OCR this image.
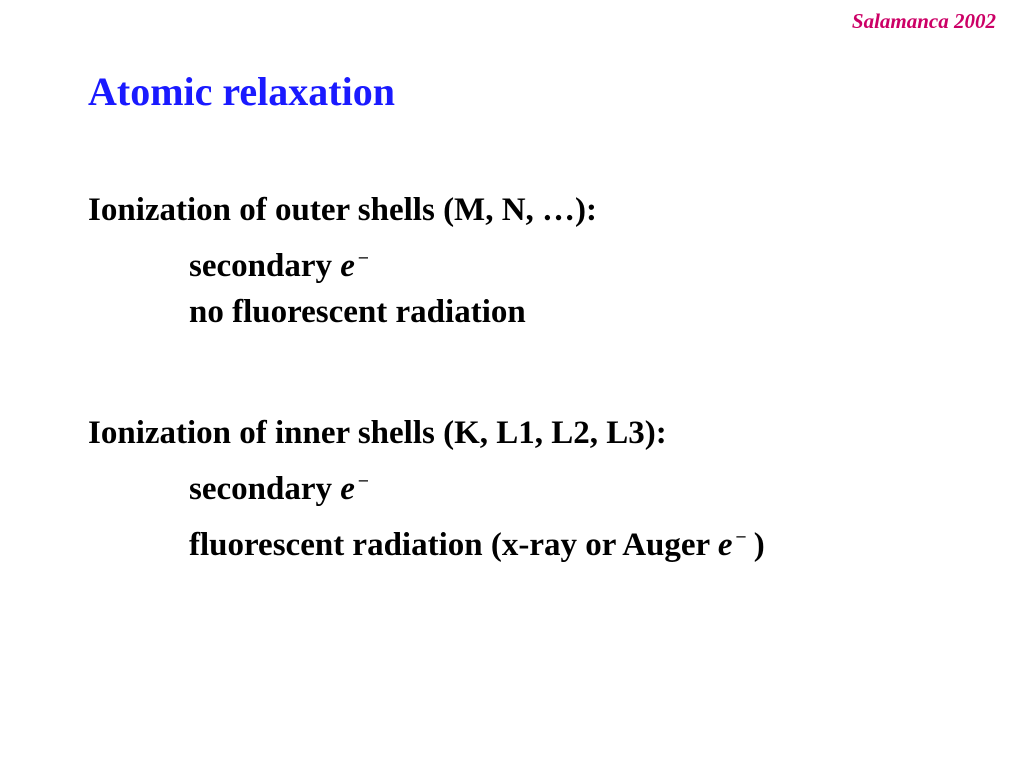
Salamanca 2002
Atomic relaxation
Ionization of outer shells (M, N, …):
secondary e –
no fluorescent radiation
Ionization of inner shells (K, L1, L2, L3):
secondary e –
fluorescent radiation (x-ray or Auger e – )
